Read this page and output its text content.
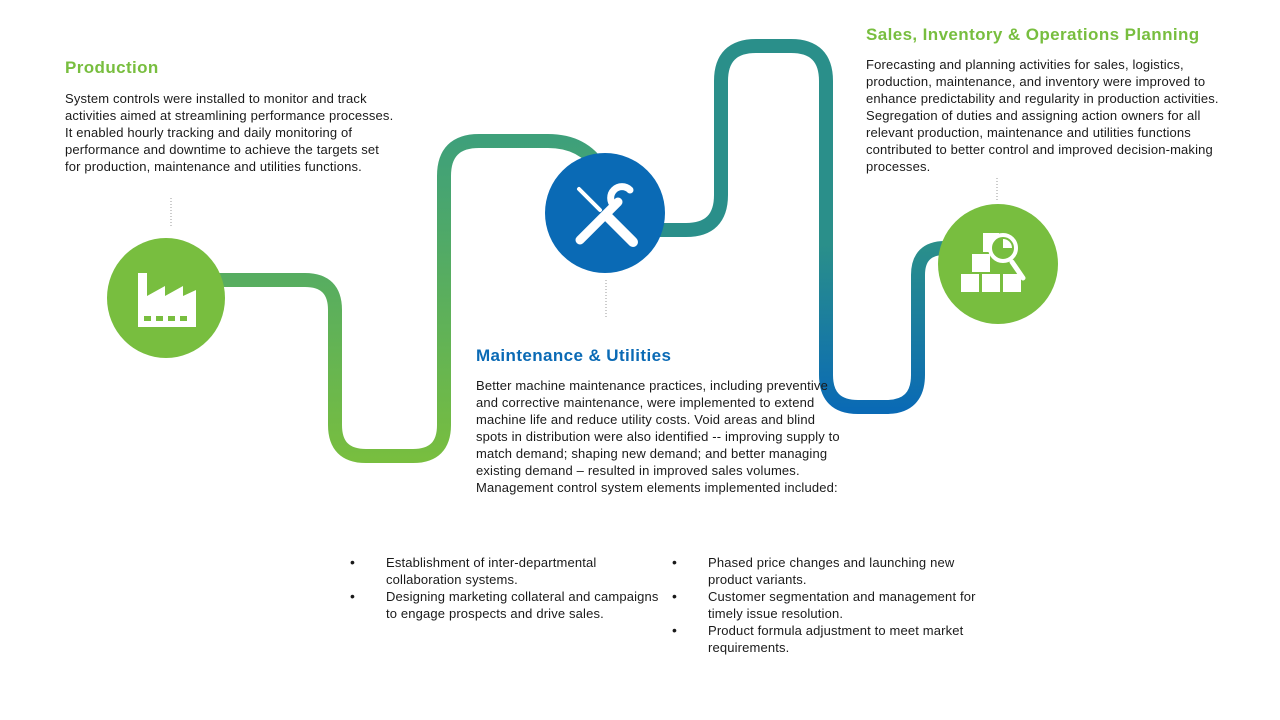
Production

System controls were installed to monitor and track activities aimed at streamlining performance processes. It enabled hourly tracking and daily monitoring of performance and downtime to achieve the targets set for production, maintenance and utilities functions.

Maintenance & Utilities

Better machine maintenance practices, including preventive and corrective maintenance, were implemented to extend machine life and reduce utility costs. Void areas and blind spots in distribution were also identified -- improving supply to match demand; shaping new demand; and better managing existing demand – resulted in improved sales volumes. Management control system elements implemented included:

• Establishment of inter-departmental collaboration systems.
• Designing marketing collateral and campaigns to engage prospects and drive sales.
• Phased price changes and launching new product variants.
• Customer segmentation and management for timely issue resolution.
• Product formula adjustment to meet market requirements.
Sales, Inventory & Operations Planning

Forecasting and planning activities for sales, logistics, production, maintenance, and inventory were improved to enhance predictability and regularity in production activities. Segregation of duties and assigning action owners for all relevant production, maintenance and utilities functions contributed to better control and improved decision-making processes.
